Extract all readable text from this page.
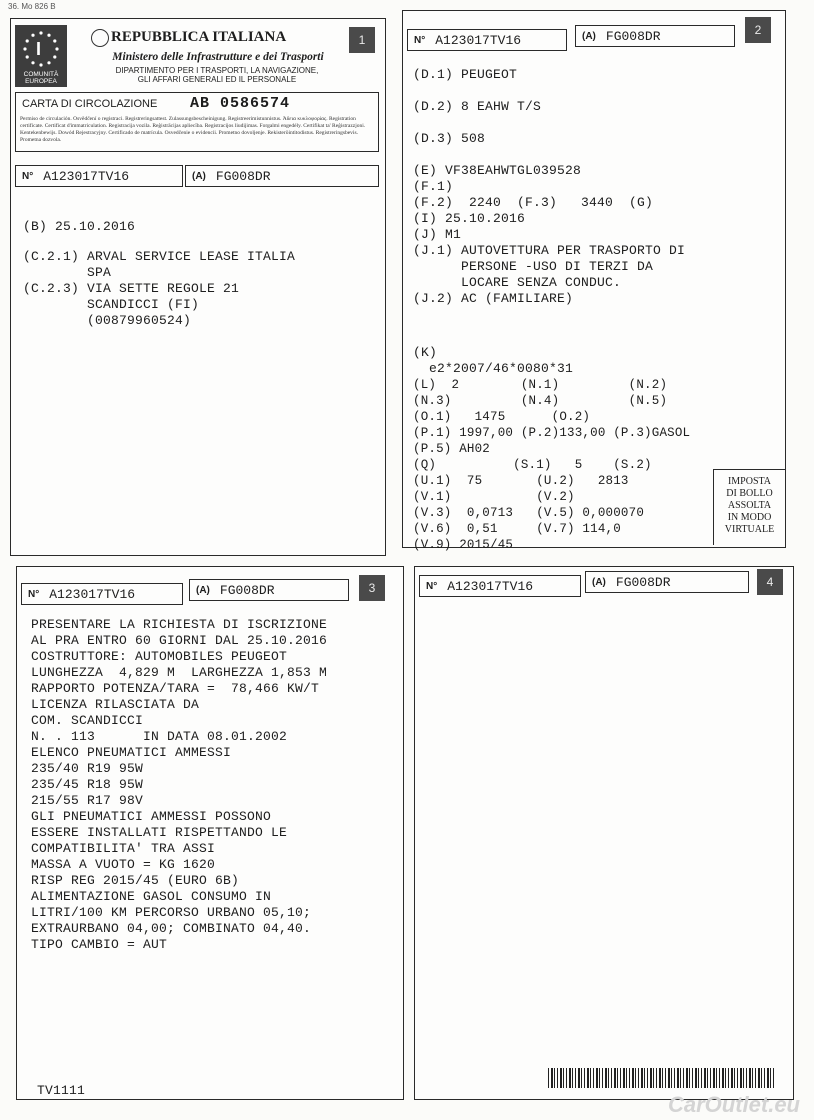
36. Mo 826 B
I
COMUNITÀ EUROPEA
REPUBBLICA ITALIANA
Ministero delle Infrastrutture e dei Trasporti
DIPARTIMENTO PER I TRASPORTI, LA NAVIGAZIONE,
GLI AFFARI GENERALI ED IL PERSONALE
1
CARTA DI CIRCOLAZIONE AB 0586574
Permiso de circulación. Osvědčení o registraci. Registreringsattest. Zulassungsbescheinigung. Registreerimistunnistus. Άδεια κυκλοφορίας. Registration certificate. Certificat d'immatriculation. Registracija vozila. Reģistrācijas apliecība. Registracijos liudijimas. Forgalmi engedély. Certifikat ta' Reģistrazzjoni. Kentekenbewijs. Dowód Rejestracyjny. Certificado de matrícula. Osvedčenie o evidencii. Prometno dovoljenje. Rekisteröintitodistus. Registreringsbevis. Prometna dozvola.
N° A123017TV16	(A) FG008DR
(B) 25.10.2016
(C.2.1) ARVAL SERVICE LEASE ITALIA
SPA
(C.2.3) VIA SETTE REGOLE 21
SCANDICCI (FI)
(00879960524)
N° A123017TV16	(A) FG008DR	2
(D.1) PEUGEOT
(D.2) 8 EAHW T/S
(D.3) 508
(E) VF38EAHWTGL039528
(F.1)
(F.2)  2240  (F.3)   3440  (G)
(I) 25.10.2016
(J) M1
(J.1) AUTOVETTURA PER TRASPORTO DI
PERSONE -USO DI TERZI DA
LOCARE SENZA CONDUC.
(J.2) AC (FAMILIARE)
(K)
e2*2007/46*0080*31
(L)  2        (N.1)         (N.2)
(N.3)         (N.4)         (N.5)
(O.1)   1475      (O.2)
(P.1) 1997,00 (P.2)133,00 (P.3)GASOL
(P.5) AH02
(Q)          (S.1)   5    (S.2)
(U.1)  75       (U.2)   2813
(V.1)           (V.2)
(V.3)  0,0713   (V.5) 0,000070
(V.6)  0,51     (V.7) 114,0
(V.9) 2015/45
IMPOSTA
DI BOLLO
ASSOLTA
IN MODO
VIRTUALE
N° A123017TV16	(A) FG008DR	3
PRESENTARE LA RICHIESTA DI ISCRIZIONE
AL PRA ENTRO 60 GIORNI DAL 25.10.2016
COSTRUTTORE: AUTOMOBILES PEUGEOT
LUNGHEZZA  4,829 M  LARGHEZZA 1,853 M
RAPPORTO POTENZA/TARA =  78,466 KW/T
LICENZA RILASCIATA DA
COM. SCANDICCI
N. . 113      IN DATA 08.01.2002
ELENCO PNEUMATICI AMMESSI
235/40 R19 95W
235/45 R18 95W
215/55 R17 98V
GLI PNEUMATICI AMMESSI POSSONO
ESSERE INSTALLATI RISPETTANDO LE
COMPATIBILITA' TRA ASSI
MASSA A VUOTO = KG 1620
RISP REG 2015/45 (EURO 6B)
ALIMENTAZIONE GASOL CONSUMO IN
LITRI/100 KM PERCORSO URBANO 05,10;
EXTRAURBANO 04,00; COMBINATO 04,40.
TIPO CAMBIO = AUT
TV1111
N° A123017TV16	(A) FG008DR	4
CarOutlet.eu
